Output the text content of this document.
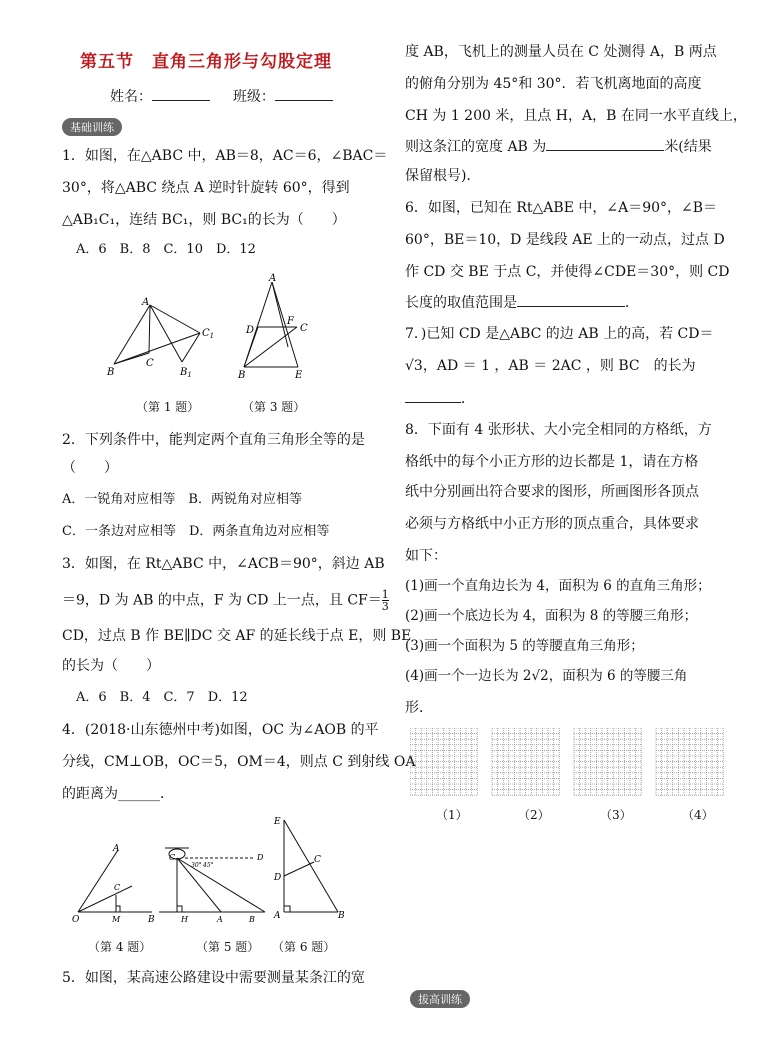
第五节　直角三角形与勾股定理
姓名：	班级：
基础训练
1．如图，在△ABC 中，AB＝8，AC＝6，∠BAC＝
30°，将△ABC 绕点 A 逆时针旋转 60°，得到
△AB₁C₁，连结 BC₁，则 BC₁的长为（　　）
A．6　B．8　C．10　D．12
A
B
C
$B_1$
$C_1$
A
D
F
C
B	E
（第 1 题）	（第 3 题）
2．下列条件中，能判定两个直角三角形全等的是
（　　）
A．一锐角对应相等　B．两锐角对应相等
C．一条边对应相等　D．两条直角边对应相等
3．如图，在 Rt△ABC 中，∠ACB＝90°，斜边 AB
＝9，D 为 AB 的中点，F 为 CD 上一点，且 $CF= \frac{1}{3}$
CD，过点 B 作 BE∥DC 交 AF 的延长线于点 E，则 BE
的长为（　　）
A．6　B．4　C．7　D．12
4．(2018·山东德州中考)如图，OC 为∠AOB 的平
分线，CM⊥OB，OC＝5，OM＝4，则点 C 到射线 OA
的距离为______．
A
C
O	M	B
C	D
30° 45°
H	A	B
E
C
D
A	B
（第 4 题）	（第 5 题） （第 6 题）
5．如图，某高速公路建设中需要测量某条江的宽
度 AB，飞机上的测量人员在 C 处测得 A，B 两点
的俯角分别为 45°和 30°．若飞机离地面的高度
CH 为 1 200 米，且点 H，A，B 在同一水平直线上，
则这条江的宽度 AB 为	米(结果
保留根号)．
6．如图，已知在 Rt△ABE 中，∠A＝90°，∠B＝
60°，BE＝10，D 是线段 AE 上的一动点，过点 D
作 CD 交 BE 于点 C，并使得∠CDE＝30°，则 CD
长度的取值范围是	．
7．)已知 CD 是△ABC 的边 AB 上的高，若 CD＝
√3，AD ＝ 1 ，AB ＝ 2AC ，则 BC　的长为
．
8．下面有 4 张形状、大小完全相同的方格纸，方
格纸中的每个小正方形的边长都是 1，请在方格
纸中分别画出符合要求的图形，所画图形各顶点
必须与方格纸中小正方形的顶点重合，具体要求
如下：
(1)画一个直角边长为 4，面积为 6 的直角三角形；
(2)画一个底边长为 4，面积为 8 的等腰三角形；
(3)画一个面积为 5 的等腰直角三角形；
(4)画一个一边长为 2√2，面积为 6 的等腰三角
形．
（1）	（2）	（3）	（4）
拔高训练
